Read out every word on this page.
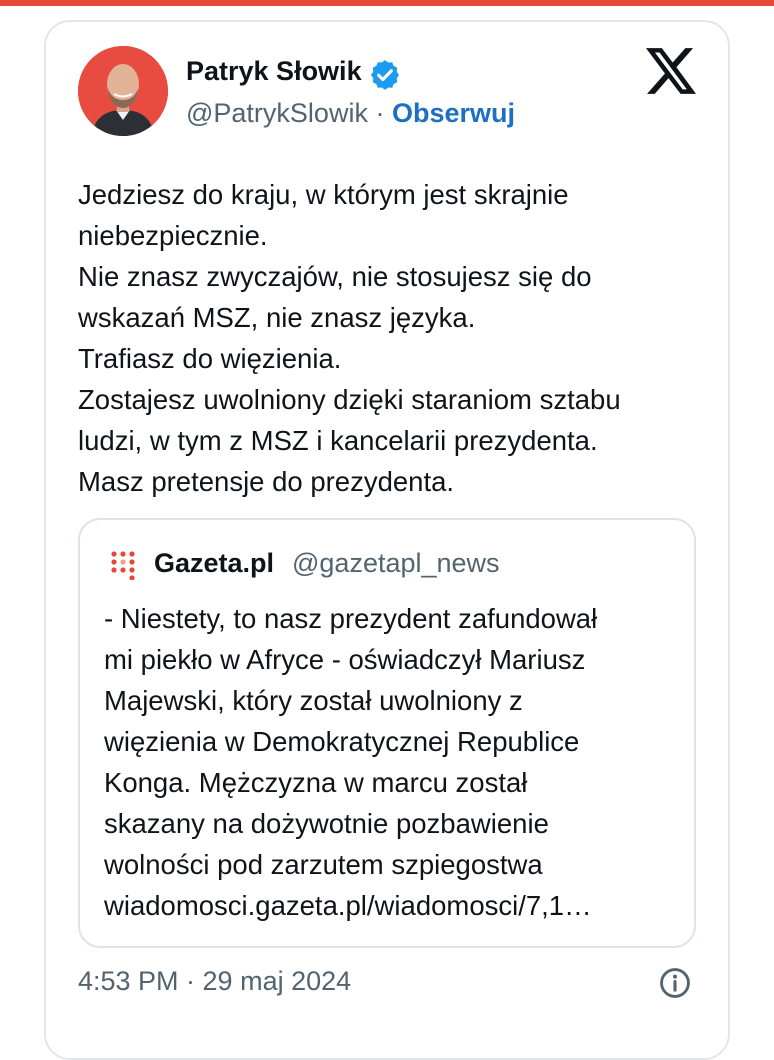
Patryk Słowik
@PatrykSlowik · Obserwuj
Jedziesz do kraju, w którym jest skrajnie
niebezpiecznie.
Nie znasz zwyczajów, nie stosujesz się do
wskazań MSZ, nie znasz języka.
Trafiasz do więzienia.
Zostajesz uwolniony dzięki staraniom sztabu
ludzi, w tym z MSZ i kancelarii prezydenta.
Masz pretensje do prezydenta.
Gazeta.pl @gazetapl_news
- Niestety, to nasz prezydent zafundował
mi piekło w Afryce - oświadczył Mariusz
Majewski, który został uwolniony z
więzienia w Demokratycznej Republice
Konga. Mężczyzna w marcu został
skazany na dożywotnie pozbawienie
wolności pod zarzutem szpiegostwa
wiadomosci.gazeta.pl/wiadomosci/7,1…
4:53 PM · 29 maj 2024
